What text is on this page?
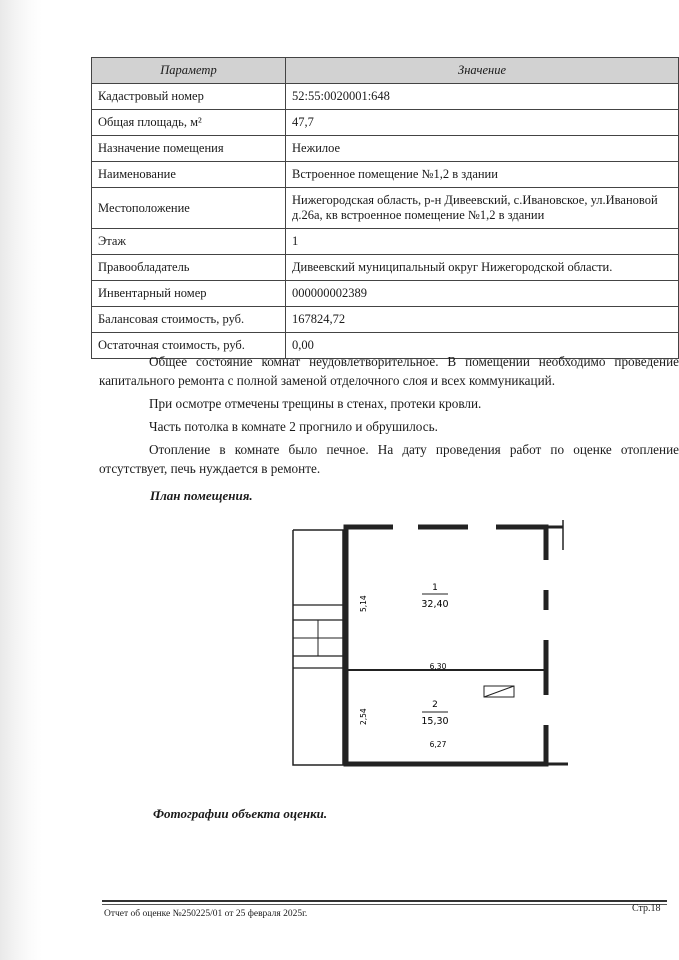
Параметр	Значение
Кадастровый номер	52:55:0020001:648
Общая площадь, м²	47,7
Назначение помещения	Нежилое
Наименование	Встроенное помещение №1,2 в здании
Местоположение	Нижегородская область, р-н Дивеевский, с.Ивановское, ул.Ивановой д.26а, кв встроенное помещение №1,2 в здании
Этаж	1
Правообладатель	Дивеевский муниципальный округ Нижегородской области.
Инвентарный номер	000000002389
Балансовая стоимость, руб.	167824,72
Остаточная стоимость, руб.	0,00

Общее состояние комнат неудовлетворительное. В помещении необходимо проведение капитального ремонта с полной заменой отделочного слоя и всех коммуникаций.

При осмотре отмечены трещины в стенах, протеки кровли.

Часть потолка в комнате 2 прогнило и обрушилось.

Отопление в комнате было печное. На дату проведения работ по оценке отопление отсутствует, печь нуждается в ремонте.

План помещения.
1
32,40
5,14
6,30
2
15,30
2,54
6,27
Фотографии объекта оценки.
Отчет об оценке №250225/01 от 25 февраля 2025г.	Стр.18
